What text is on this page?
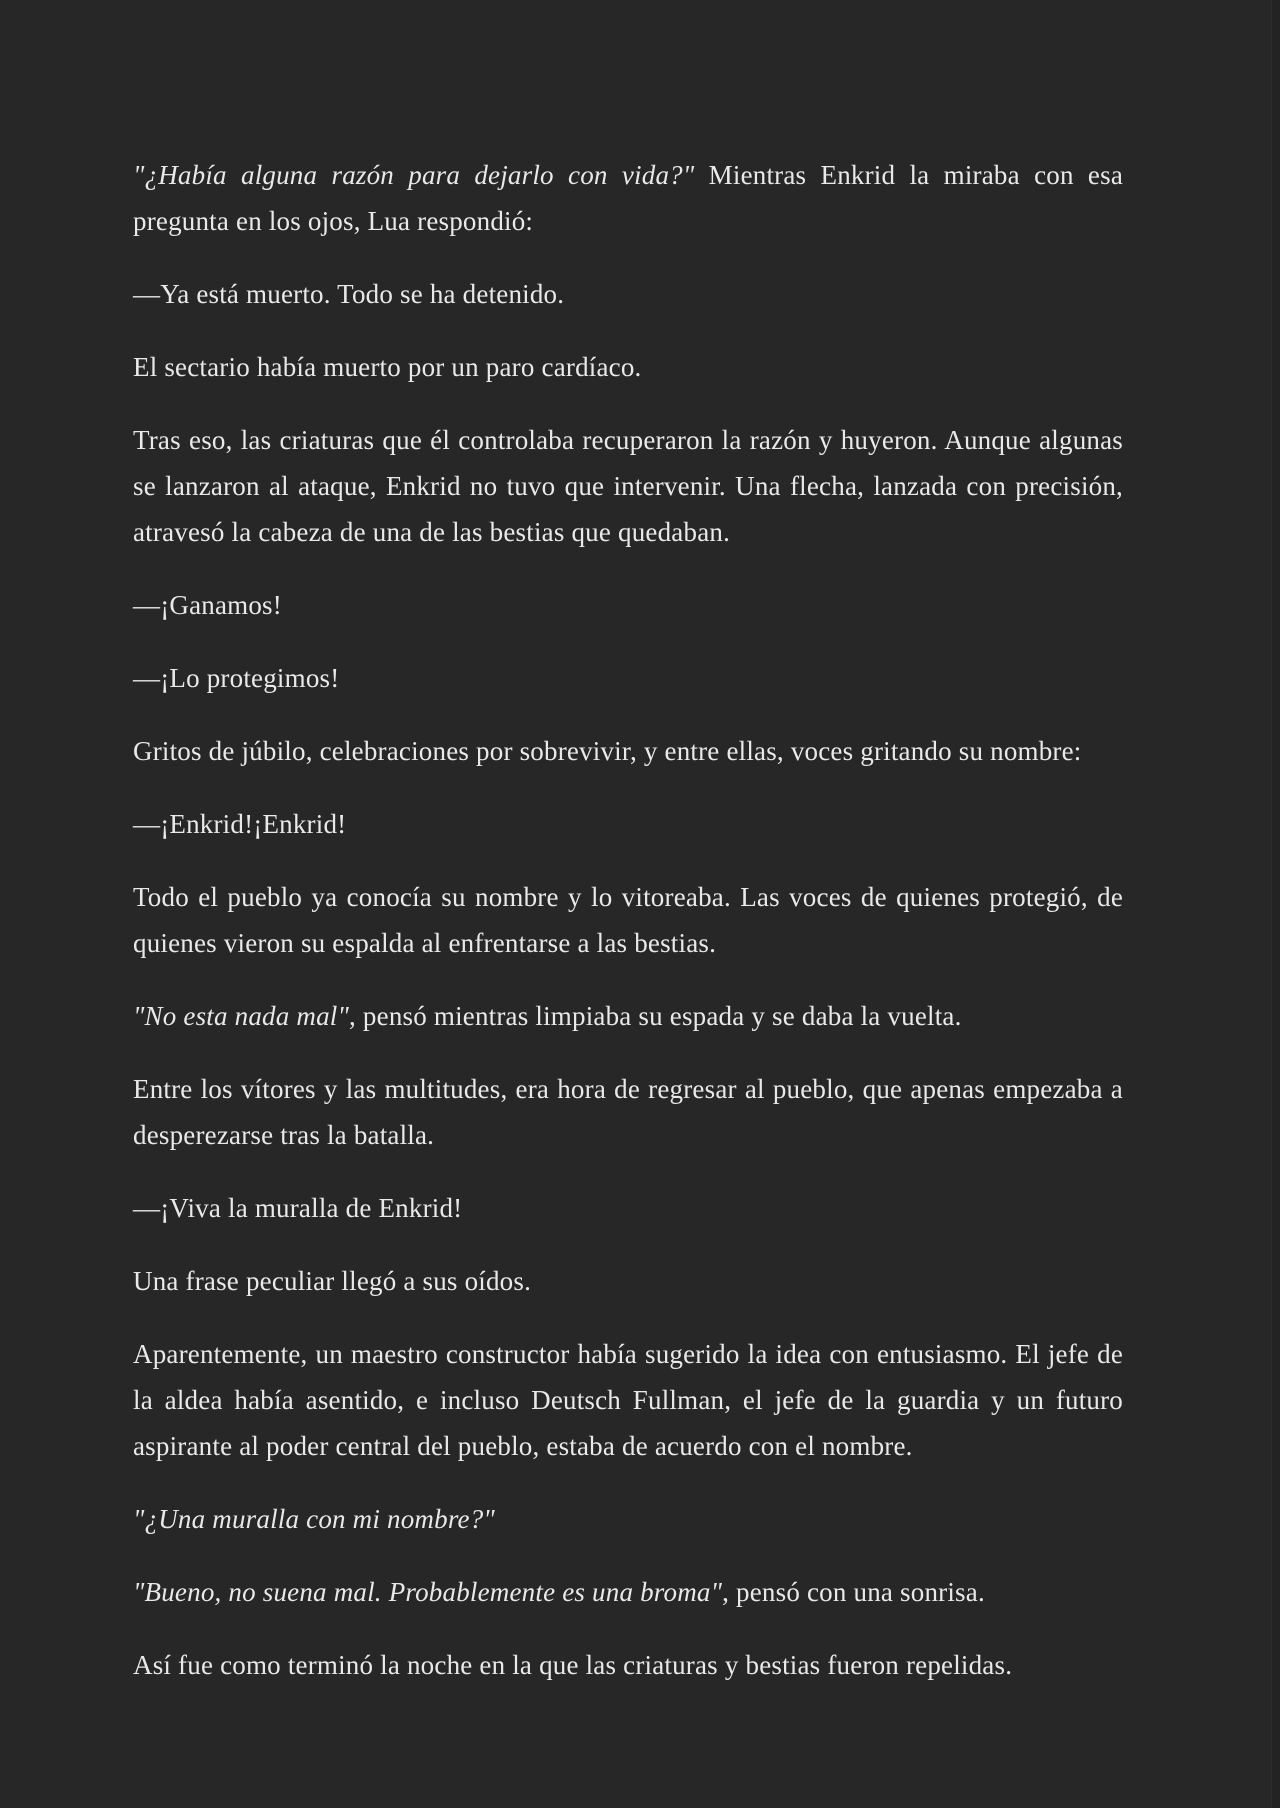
"¿Había alguna razón para dejarlo con vida?" Mientras Enkrid la miraba con esa pregunta en los ojos, Lua respondió:

—Ya está muerto. Todo se ha detenido.

El sectario había muerto por un paro cardíaco.

Tras eso, las criaturas que él controlaba recuperaron la razón y huyeron. Aunque algunas se lanzaron al ataque, Enkrid no tuvo que intervenir. Una flecha, lanzada con precisión, atravesó la cabeza de una de las bestias que quedaban.

—¡Ganamos!

—¡Lo protegimos!

Gritos de júbilo, celebraciones por sobrevivir, y entre ellas, voces gritando su nombre:

—¡Enkrid!¡Enkrid!

Todo el pueblo ya conocía su nombre y lo vitoreaba. Las voces de quienes protegió, de quienes vieron su espalda al enfrentarse a las bestias.

"No esta nada mal", pensó mientras limpiaba su espada y se daba la vuelta.

Entre los vítores y las multitudes, era hora de regresar al pueblo, que apenas empezaba a desperezarse tras la batalla.

—¡Viva la muralla de Enkrid!

Una frase peculiar llegó a sus oídos.

Aparentemente, un maestro constructor había sugerido la idea con entusiasmo. El jefe de la aldea había asentido, e incluso Deutsch Fullman, el jefe de la guardia y un futuro aspirante al poder central del pueblo, estaba de acuerdo con el nombre.

"¿Una muralla con mi nombre?"

"Bueno, no suena mal. Probablemente es una broma", pensó con una sonrisa.

Así fue como terminó la noche en la que las criaturas y bestias fueron repelidas.
